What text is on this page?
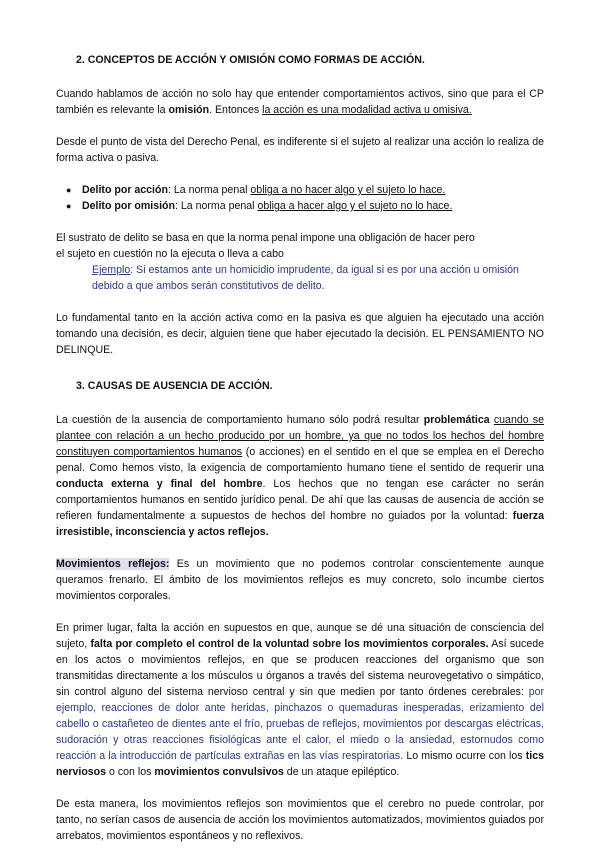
2. CONCEPTOS DE ACCIÓN Y OMISIÓN COMO FORMAS DE ACCIÓN.

Cuando hablamos de acción no solo hay que entender comportamientos activos, sino que para el CP también es relevante la omisión. Entonces la acción es una modalidad activa u omisiva.

Desde el punto de vista del Derecho Penal, es indiferente si el sujeto al realizar una acción lo realiza de forma activa o pasiva.

● Delito por acción: La norma penal obliga a no hacer algo y el sujeto lo hace.
● Delito por omisión: La norma penal obliga a hacer algo y el sujeto no lo hace.

El sustrato de delito se basa en que la norma penal impone una obligación de hacer pero el sujeto en cuestión no la ejecuta o lleva a cabo

Ejemplo: Si estamos ante un homicidio imprudente, da igual si es por una acción u omisión debido a que ambos serán constitutivos de delito.

Lo fundamental tanto en la acción activa como en la pasiva es que alguien ha ejecutado una acción tomando una decisión, es decir, alguien tiene que haber ejecutado la decisión. EL PENSAMIENTO NO DELINQUE.

3. CAUSAS DE AUSENCIA DE ACCIÓN.

La cuestión de la ausencia de comportamiento humano sólo podrá resultar problemática cuando se plantee con relación a un hecho producido por un hombre, ya que no todos los hechos del hombre constituyen comportamientos humanos (o acciones) en el sentido en el que se emplea en el Derecho penal. Como hemos visto, la exigencia de comportamiento humano tiene el sentido de requerir una conducta externa y final del hombre. Los hechos que no tengan ese carácter no serán comportamientos humanos en sentido jurídico penal. De ahí que las causas de ausencia de acción se refieren fundamentalmente a supuestos de hechos del hombre no guiados por la voluntad: fuerza irresistible, inconsciencia y actos reflejos.

Movimientos reflejos: Es un movimiento que no podemos controlar conscientemente aunque queramos frenarlo. El ámbito de los movimientos reflejos es muy concreto, solo incumbe ciertos movimientos corporales.

En primer lugar, falta la acción en supuestos en que, aunque se dé una situación de consciencia del sujeto, falta por completo el control de la voluntad sobre los movimientos corporales. Así sucede en los actos o movimientos reflejos, en que se producen reacciones del organismo que son transmitidas directamente a los músculos u órganos a través del sistema neurovegetativo o simpático, sin control alguno del sistema nervioso central y sin que medien por tanto órdenes cerebrales: por ejemplo, reacciones de dolor ante heridas, pinchazos o quemaduras inesperadas, erizamiento del cabello o castañeteo de dientes ante el frío, pruebas de reflejos, movimientos por descargas eléctricas, sudoración y otras reacciones fisiológicas ante el calor, el miedo o la ansiedad, estornudos como reacción a la introducción de partículas extrañas en las vías respiratorias. Lo mismo ocurre con los tics nerviosos o con los movimientos convulsivos de un ataque epiléptico.

De esta manera, los movimientos reflejos son movimientos que el cerebro no puede controlar, por tanto, no serían casos de ausencia de acción los movimientos automatizados, movimientos guiados por arrebatos, movimientos espontáneos y no reflexivos.
